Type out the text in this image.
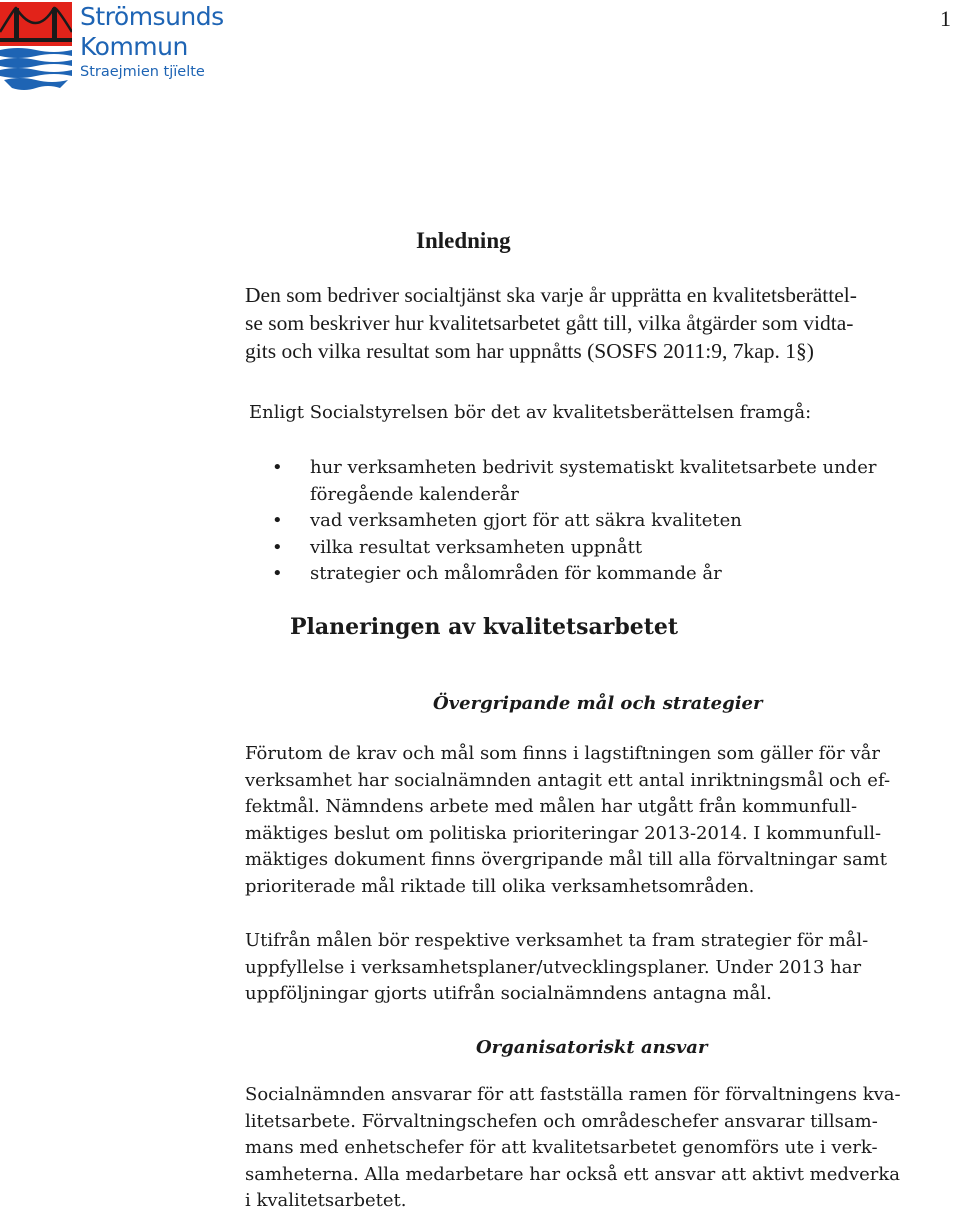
1
Strömsunds
Kommun
Straejmien tjïelte
Inledning
Den som bedriver socialtjänst ska varje år upprätta en kvalitetsberättel-
se som beskriver hur kvalitetsarbetet gått till, vilka åtgärder som vidta-
gits och vilka resultat som har uppnåtts (SOSFS 2011:9, 7kap. 1§)
Enligt Socialstyrelsen bör det av kvalitetsberättelsen framgå:
• hur verksamheten bedrivit systematiskt kvalitetsarbete under
föregående kalenderår
• vad verksamheten gjort för att säkra kvaliteten
• vilka resultat verksamheten uppnått
• strategier och målområden för kommande år
Planeringen av kvalitetsarbetet
Övergripande mål och strategier
Förutom de krav och mål som finns i lagstiftningen som gäller för vår
verksamhet har socialnämnden antagit ett antal inriktningsmål och ef-
fektmål. Nämndens arbete med målen har utgått från kommunfull-
mäktiges beslut om politiska prioriteringar 2013-2014. I kommunfull-
mäktiges dokument finns övergripande mål till alla förvaltningar samt
prioriterade mål riktade till olika verksamhetsområden.
Utifrån målen bör respektive verksamhet ta fram strategier för mål-
uppfyllelse i verksamhetsplaner/utvecklingsplaner. Under 2013 har
uppföljningar gjorts utifrån socialnämndens antagna mål.
Organisatoriskt ansvar
Socialnämnden ansvarar för att fastställa ramen för förvaltningens kva-
litetsarbete. Förvaltningschefen och områdeschefer ansvarar tillsam-
mans med enhetschefer för att kvalitetsarbetet genomförs ute i verk-
samheterna. Alla medarbetare har också ett ansvar att aktivt medverka
i kvalitetsarbetet.
